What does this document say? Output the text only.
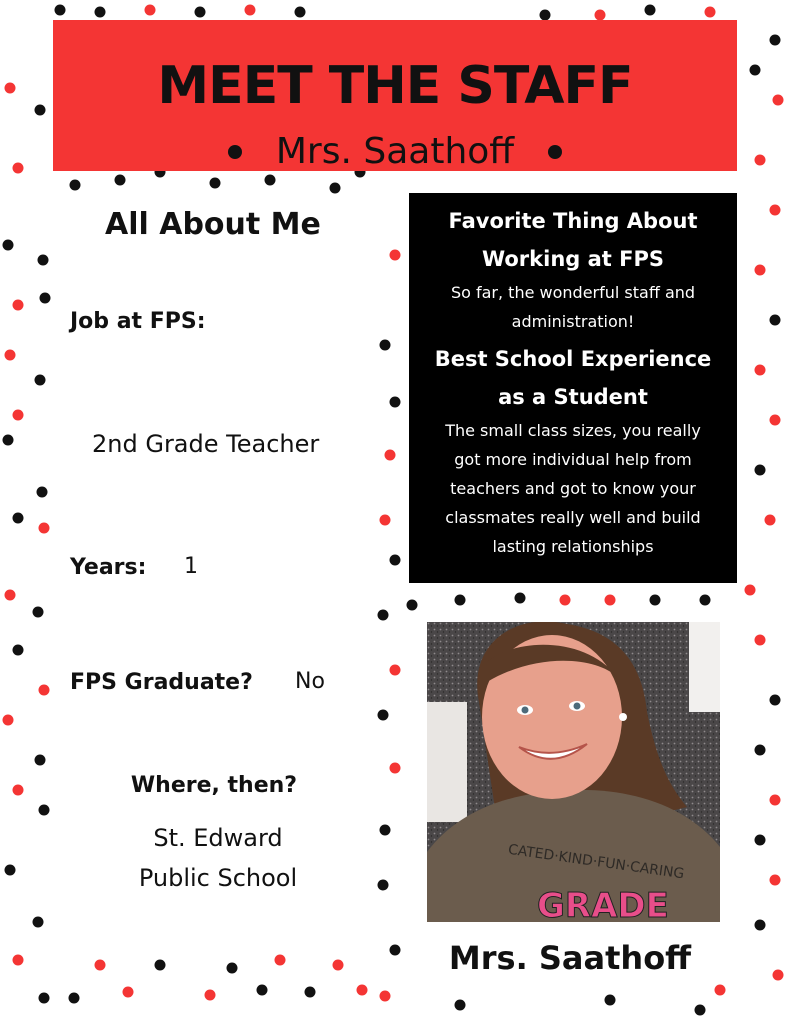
MEET THE STAFF
Mrs. Saathoff
All About Me
Job at FPS:
2nd Grade Teacher
Years: 1
FPS Graduate? No
Where, then?
St. Edward
Public School

Favorite Thing About

Working at FPS

So far, the wonderful staff and

administration!

Best School Experience

as a Student

The small class sizes, you really

got more individual help from

teachers and got to know your

classmates really well and build

lasting relationships

CATED·KIND·FUN·CARING
GRADE
Mrs. Saathoff
